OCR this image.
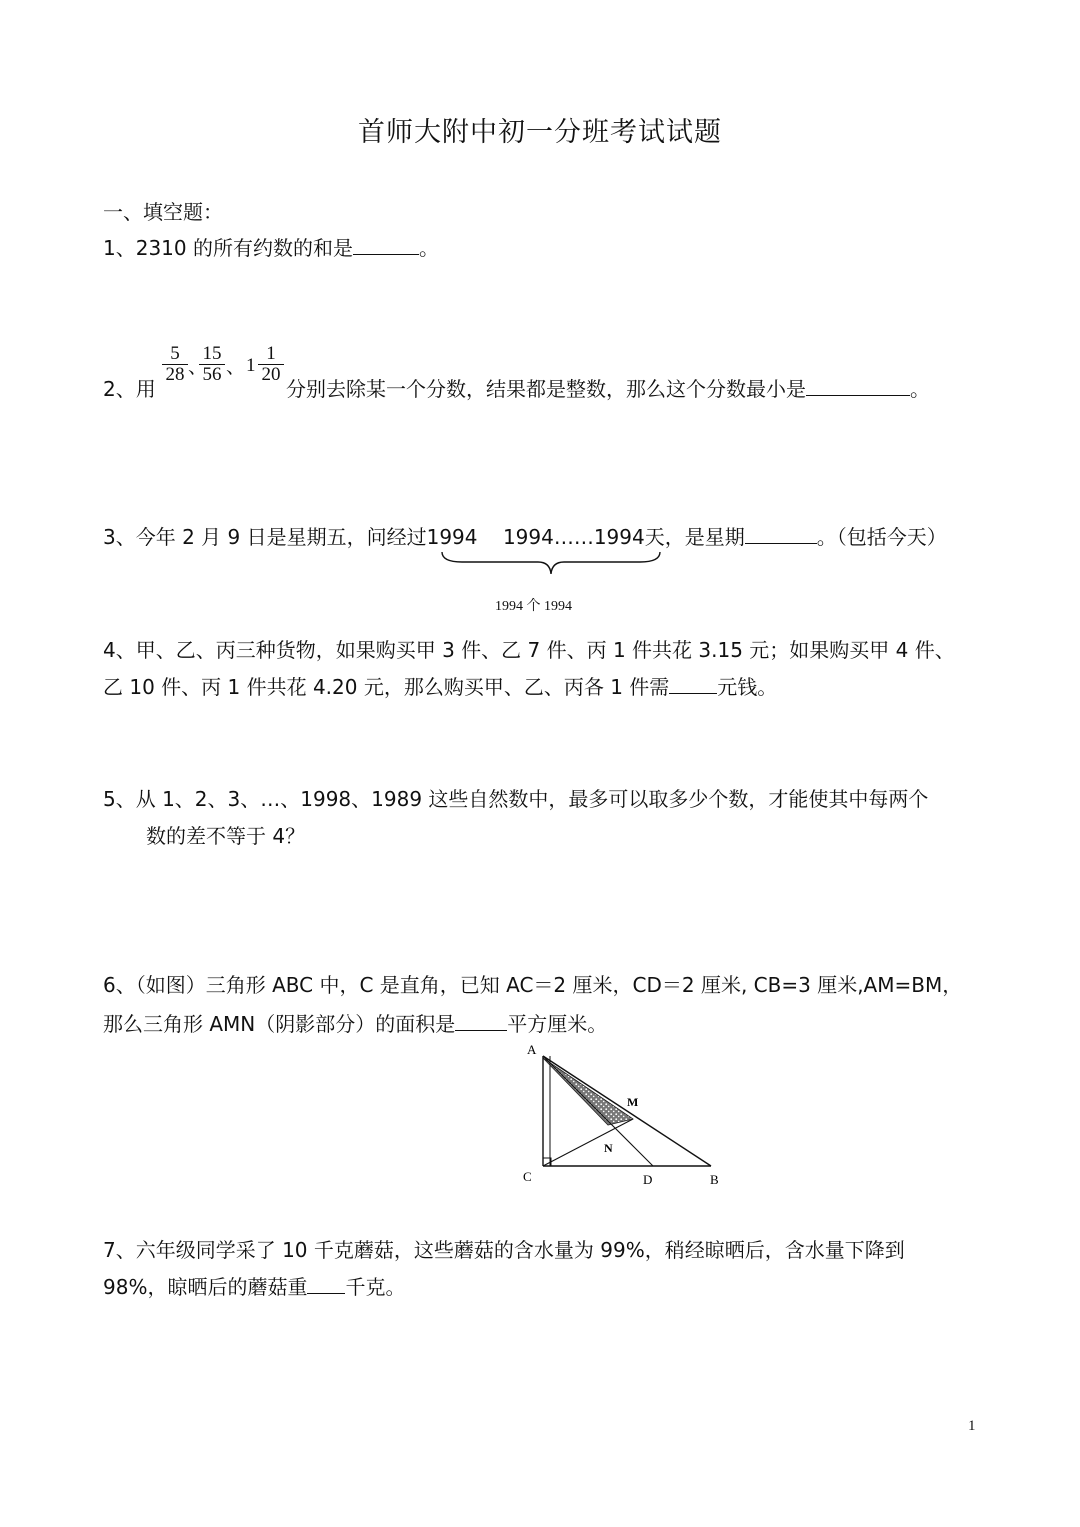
首师大附中初一分班考试试题
一、填空题：
1、2310 的所有约数的和是	。
2、用
$\frac{5}{28}$ 、
$\frac{15}{56}$ 、 $1 \frac{1}{20}$
分别去除某一个分数，结果都是整数，那么这个分数最小是	。
3、今年 2 月 9 日是星期五，问经过1994    1994……1994天，是星期	。（包括今天）
1994 个 1994
4、甲、乙、丙三种货物，如果购买甲 3 件、乙 7 件、丙 1 件共花 3.15 元；如果购买甲 4 件、
乙 10 件、丙 1 件共花 4.20 元，那么购买甲、乙、丙各 1 件需 元钱。
5、从 1、2、3、…、1998、1989 这些自然数中，最多可以取多少个数，才能使其中每两个
数的差不等于 4？
6、（如图）三角形 ABC 中，C 是直角，已知 AC＝2 厘米，CD＝2 厘米, CB=3 厘米,AM=BM，
那么三角形 AMN（阴影部分）的面积是	平方厘米。
A
M
N
C	D	B
7、六年级同学采了 10 千克蘑菇，这些蘑菇的含水量为 99%，稍经晾晒后，含水量下降到
98%，晾晒后的蘑菇重 千克。
1
